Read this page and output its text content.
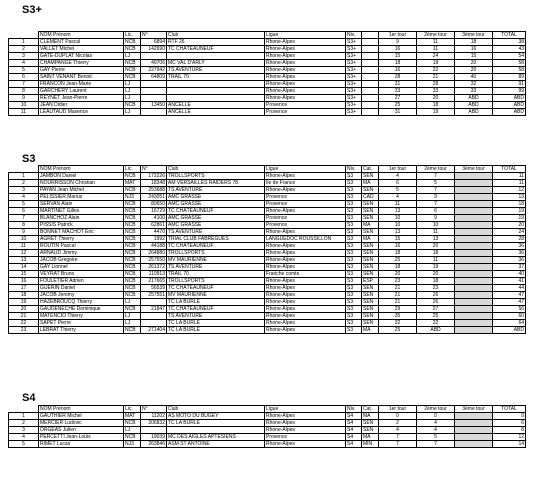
S3+
	NOM Prénom	Lic.	N°	Club	Ligue	Niv.		1er tour	2ème tour	3ème tour	TOTAL
1	CLEMENT Pascal	NCB	6894	RTF 26	Rhone-Alpes	S3+		9	11	18	38
2	VALLET Michel	NCB	142690	TC CHÂTEAUNEUF	Rhone-Alpes	S3+		16	11	16	43
3	GATE-DUPLAT Nicolas	LJ			Rhone-Alpes	S3+		15	24	15	54
4	CHAMPANGE Thierry	NCB	49706	MC VAL D'ARLY	Rhone-Alpes	S3+		18	19	20	58
5	GAY Pierre	NCB	227942	TS AVENTURE	Rhone-Alpes	S3+		16	22	20	58
6	SAINT VENANT Benoit	NCB	64809	TRAIL 70	Rhone-Alpes	S3+		28	21	40	89
7	FRANCON Jean-Marie	LJ			Rhone-Alpes	S3+		31	28	32	91
8	GARCHERY Laurent	LJ			Rhone-Alpes	S3+		33	33	33	99
9	REYNET Jean-Pierre	LJ			Rhone-Alpes	S3+		27	20	ABD	ABD
10	JEAN Didier	NCB	13450	ANCELLE	Provence	S3+		25	18	ABD	ABD
11	LEAUTAUD Maxence	LJ		ANCELLE	Provence	S3+		31	19	ABD	ABD
S3
	NOM Prénom	Lic.	N°	Club	Ligue	Niv.	Cat.	1er tour	2ème tour	3ème tour	TOTAL
1	JAMBON Daniel	NCB	172226	TROLLSPORTS	Rhone-Alpes	S3	SEN	4	7		11
2	NOURRISSON Christian	MAT	18348	AM VERSAILLES RAIDERS 78	Ile de France	S3	MA	6	5		11
3	PAYAN Jean Michel	NCB	253688	TS AVENTURE	Rhone-Alpes	S3	SEN	5	7		12
4	PELISSIER Marius	NJ3	243051	AMC GRASSE	Provence	S3	CAD	4	9		13
5	SERVAN Alain	NCB	80650	AMC GRASSE	Provence	S3	SEN	11	7		18
6	MARTINET Gilles	NCB	16729	TC CHÂTEAUNEUF	Rhone-Alpes	S3	SEN	13	6		19
7	BLANCHOZ Alain	NCB	4100	AMC GRASSE	Provence	S3	SEN	10	9		19
8	PISSIS Patrick	NCB	62861	AMC GRASSE	Provence	S3	MA	10	10		20
9	BONNET MACHOT Eric	NCB	4470	TS AVENTURE	Rhone-Alpes	S3	SEN	13	11		24
10	AGRET Thierry	NCB	1992	TRIAL CLUB FABREGUES	LANGUEDOC ROUSSILLON	S3	MA	15	13		28
11	ROUTIN Pascal	NCB	44188	TC CHÂTEAUNEUF	Rhone-Alpes	S3	SEN	16	20		36
12	ARNAUD Jimmy	NCB	264880	TROLLSPORTS	Rhone-Alpes	S3	SEN	18	18		36
13	JACOB Gregoire	NCB	257550	MV MAURIENNE	Rhone-Alpes	S3	SEN	25	11		36
14	GAY Lionnel	NCB	261372	TS AVENTURE	Rhone-Alpes	S3	SEN	18	19		37
15	VEYRAT Bruno	NCB	110913	TRAIL 70	Franche comte	S3	SEN	20	20		40
16	FOULETIER Adrien	NCB	217665	TROLLSPORTS	Rhone-Alpes	S3	ESP	23	18		41
17	GUERIN Daniel	NCB	56539	TC CHÂTEAUNEUF	Rhone-Alpes	S3	SEN	21	23		44
18	JACOB Jeremy	NCB	257551	MV MAURIENNE	Rhone-Alpes	S3	SEN	21	26		47
19	HAZEBROUCQ Thierry	LJ		TC LA BURLE	Rhone-Alpes	S3	SEN	21	26		47
20	GAUDENECHE Dominique	NCB	21847	TC CHÂTEAUNEUF	Rhone-Alpes	S3	SEN	29	27		56
21	MATENCIO Thierry	LJ		TS AVENTURE	Rhone-Alpes	S3	SEN	35	25		60
22	SAPET Pierre	LJ		TC LA BURLE	Rhone-Alpes	S3	SEN	32	32		64
23	LEBRAT Thierry	NCB	271404	TC LA BURLE	Rhone-Alpes	S3	MA	25	ABD		ABD
S4
	NOM Prénom	Lic.	N°	Club	Ligue	Niv.	Cat.	1er tour	2ème tour	3ème tour	TOTAL
1	GAUTHIER Michel	MAT	11202	AS MOTO DU BUGEY	Rhone-Alpes	S4	MA	0	0		0
2	MERCIER Ludovic	NCB	206832	TC LA BURLE	Rhone-Alpes	S4	SEN	2	4		6
3	ORGEAS Julien	LJ			Rhone-Alpes	S4	SEN	4	4		8
4	PERCETTI Jean-Louis	NCB	19039	MC DES AIGLES APTESIENS	Provence	S4	MA	7	5		12
5	RIMET Lucas	NJ3	263846	ASM ST ANTOINE	Rhone-Alpes	S4	MIN	7	7		14
